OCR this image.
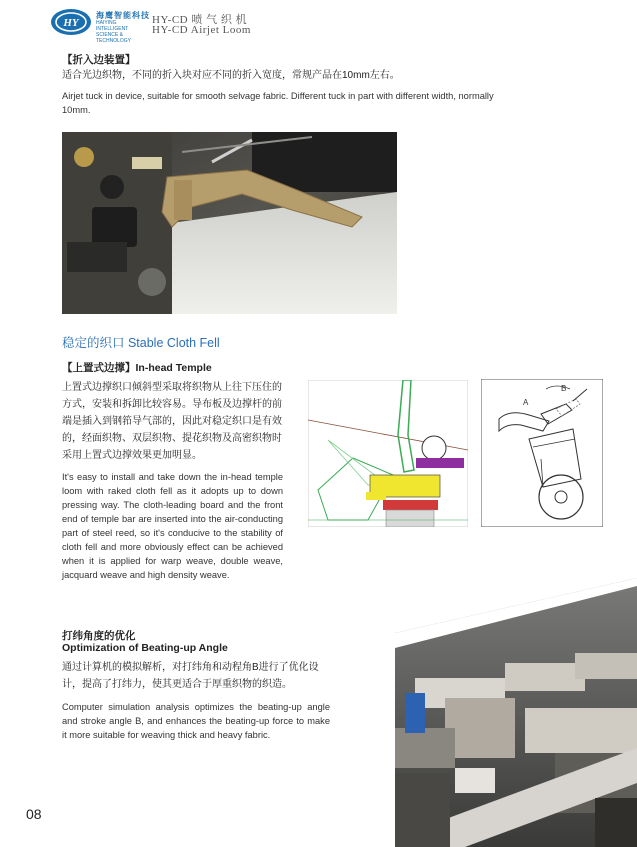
HY
海鹰智能科技
HAIYING INTELLIGENT SCIENCE & TECHNOLOGY
HY-CD 喷 气 织 机
HY-CD Airjet Loom
【折入边装置】
适合光边织物，不同的折入块对应不同的折入宽度，常规产品在10mm左右。
Airjet tuck in device, suitable for smooth selvage fabric. Different tuck in part with different width, normally 10mm.
稳定的织口 Stable Cloth Fell
【上置式边撑】In-head Temple
上置式边撑织口倾斜型采取将织物从上往下压住的方式，安装和拆卸比较容易。导布板及边撑杆的前端是插入到钢筘导气部的，因此对稳定织口是有效的，经面织物、双层织物、提花织物及高密织物时采用上置式边撑效果更加明显。
It's easy to install and take down the in-head temple loom with raked cloth fell as it adopts up to down pressing way. The cloth-leading board and the front end of temple bar are inserted into the air-conducting part of steel reed, so it's conducive to the stability of cloth fell and more obviously effect can be achieved when it is applied for warp weave, double weave, jacquard weave and high density weave.
B
A
打纬角度的优化
Optimization of Beating-up Angle
通过计算机的模拟解析，对打纬角和动程角B进行了优化设计，提高了打纬力，使其更适合于厚重织物的织造。
Computer simulation analysis optimizes the beating-up angle and stroke angle B, and enhances the beating-up force to make it more suitable for weaving thick and heavy fabric.
08
